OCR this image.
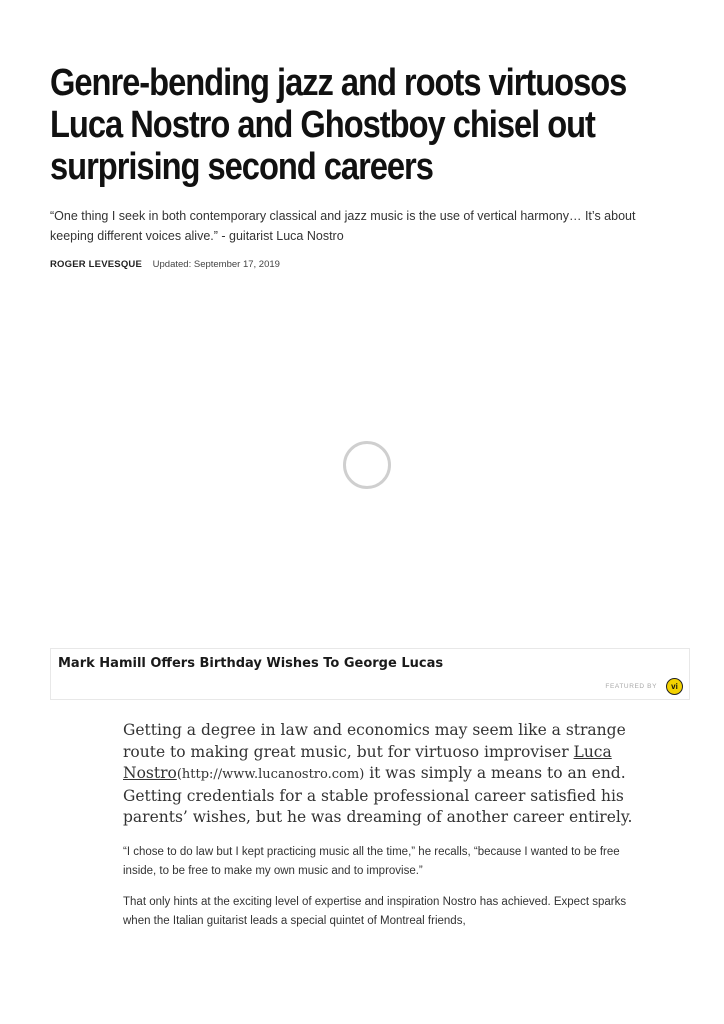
Genre-bending jazz and roots virtuosos
Luca Nostro and Ghostboy chisel out
surprising second careers

“One thing I seek in both contemporary classical and jazz music is the use of vertical harmony… It’s about
keeping different voices alive.” - guitarist Luca Nostro

ROGER LEVESQUE Updated: September 17, 2019
Mark Hamill Offers Birthday Wishes To George Lucas
FEATURED BY	vi

Getting a degree in law and economics may seem like a strange route to making great music, but for virtuoso improviser Luca Nostro(http://www.lucanostro.com) it was simply a means to an end. Getting credentials for a stable professional career satisfied his parents’ wishes, but he was dreaming of another career entirely.

“I chose to do law but I kept practicing music all the time,” he recalls, “because I wanted to be free inside, to be free to make my own music and to improvise.”

That only hints at the exciting level of expertise and inspiration Nostro has achieved. Expect sparks when the Italian guitarist leads a special quintet of Montreal friends,
